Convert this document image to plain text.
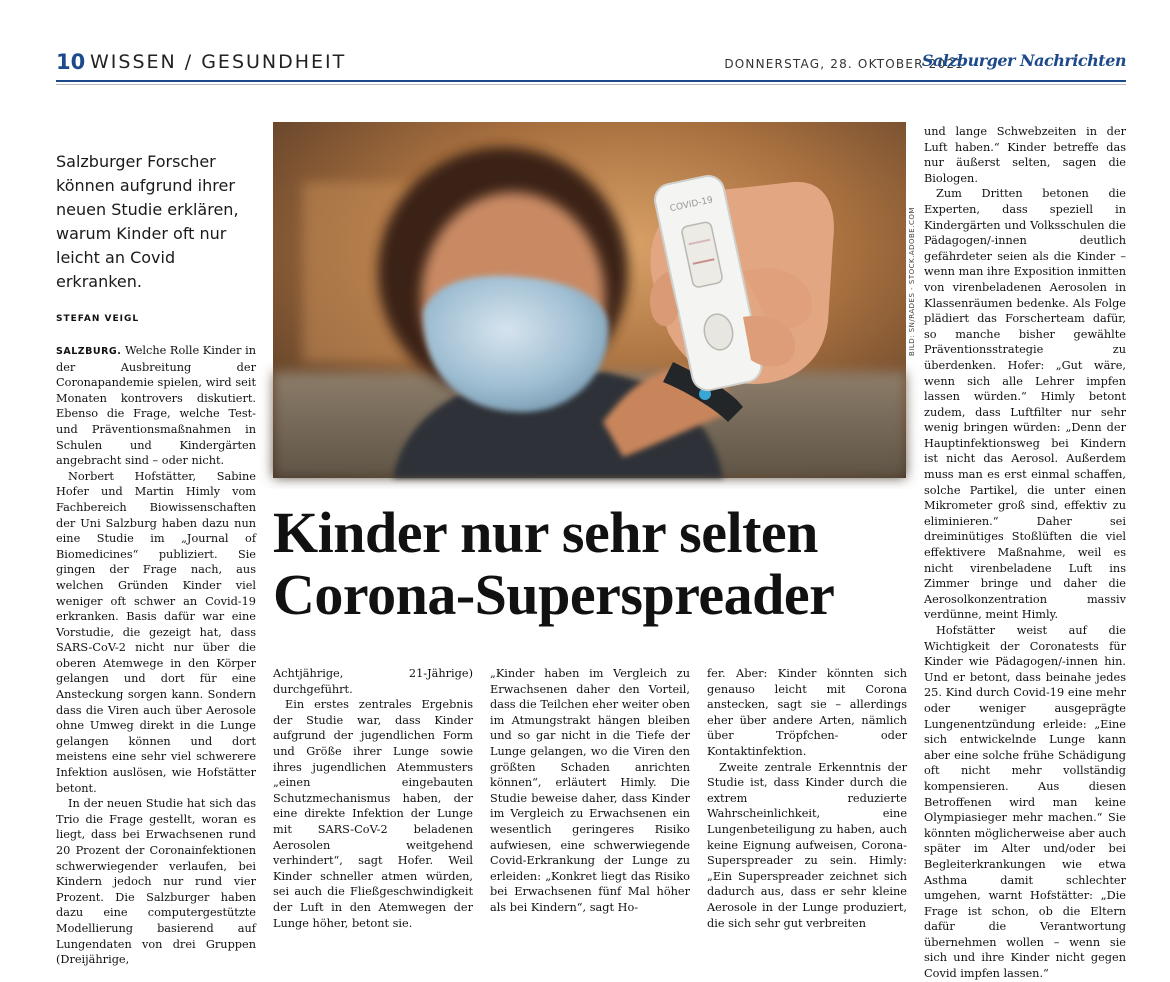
10 WISSEN / GESUNDHEIT	DONNERSTAG, 28. OKTOBER 2021
Salzburger Nachrichten
Salzburger Forscher können aufgrund ihrer neuen Studie erklären, warum Kinder oft nur leicht an Covid erkranken.
STEFAN VEIGL

SALZBURG. Welche Rolle Kinder in der Ausbreitung der Coronapandemie spielen, wird seit Monaten kontrovers diskutiert. Ebenso die Frage, welche Test- und Präventionsmaßnahmen in Schulen und Kindergärten angebracht sind – oder nicht.

Norbert Hofstätter, Sabine Hofer und Martin Himly vom Fachbereich Biowissenschaften der Uni Salzburg haben dazu nun eine Studie im „Journal of Biomedicines“ publiziert. Sie gingen der Frage nach, aus welchen Gründen Kinder viel weniger oft schwer an Covid-19 erkranken. Basis dafür war eine Vorstudie, die gezeigt hat, dass SARS-CoV-2 nicht nur über die oberen Atemwege in den Körper gelangen und dort für eine Ansteckung sorgen kann. Sondern dass die Viren auch über Aerosole ohne Umweg direkt in die Lunge gelangen können und dort meistens eine sehr viel schwerere Infektion auslösen, wie Hofstätter betont.

In der neuen Studie hat sich das Trio die Frage gestellt, woran es liegt, dass bei Erwachsenen rund 20 Prozent der Coronainfektionen schwerwiegender verlaufen, bei Kindern jedoch nur rund vier Prozent. Die Salzburger haben dazu eine computergestützte Modellierung basierend auf Lungendaten von drei Gruppen (Dreijährige,

COVID-19
BILD: SN/RADES - STOCK.ADOBE.COM
Kinder nur sehr selten
Corona-Superspreader

Achtjährige, 21-Jährige) durchgeführt.

Ein erstes zentrales Ergebnis der Studie war, dass Kinder aufgrund der jugendlichen Form und Größe ihrer Lunge sowie ihres jugendlichen Atemmusters „einen eingebauten Schutzmechanismus haben, der eine direkte Infektion der Lunge mit SARS-CoV-2 beladenen Aerosolen weitgehend verhindert“, sagt Hofer. Weil Kinder schneller atmen würden, sei auch die Fließgeschwindigkeit der Luft in den Atemwegen der Lunge höher, betont sie.

„Kinder haben im Vergleich zu Erwachsenen daher den Vorteil, dass die Teilchen eher weiter oben im Atmungstrakt hängen bleiben und so gar nicht in die Tiefe der Lunge gelangen, wo die Viren den größten Schaden anrichten können“, erläutert Himly. Die Studie beweise daher, dass Kinder im Vergleich zu Erwachsenen ein wesentlich geringeres Risiko aufwiesen, eine schwerwiegende Covid-Erkrankung der Lunge zu erleiden: „Konkret liegt das Risiko bei Erwachsenen fünf Mal höher als bei Kindern“, sagt Ho-

fer. Aber: Kinder könnten sich genauso leicht mit Corona anstecken, sagt sie – allerdings eher über andere Arten, nämlich über Tröpfchen- oder Kontaktinfektion.

Zweite zentrale Erkenntnis der Studie ist, dass Kinder durch die extrem reduzierte Wahrscheinlichkeit, eine Lungenbeteiligung zu haben, auch keine Eignung aufweisen, Corona-Superspreader zu sein. Himly: „Ein Superspreader zeichnet sich dadurch aus, dass er sehr kleine Aerosole in der Lunge produziert, die sich sehr gut verbreiten

und lange Schwebzeiten in der Luft haben.“ Kinder betreffe das nur äußerst selten, sagen die Biologen.

Zum Dritten betonen die Experten, dass speziell in Kindergärten und Volksschulen die Pädagogen/-innen deutlich gefährdeter seien als die Kinder – wenn man ihre Exposition inmitten von virenbeladenen Aerosolen in Klassenräumen bedenke. Als Folge plädiert das Forscherteam dafür, so manche bisher gewählte Präventionsstrategie zu überdenken. Hofer: „Gut wäre, wenn sich alle Lehrer impfen lassen würden.“ Himly betont zudem, dass Luftfilter nur sehr wenig bringen würden: „Denn der Hauptinfektionsweg bei Kindern ist nicht das Aerosol. Außerdem muss man es erst einmal schaffen, solche Partikel, die unter einen Mikrometer groß sind, effektiv zu eliminieren.“ Daher sei dreiminütiges Stoßlüften die viel effektivere Maßnahme, weil es nicht virenbeladene Luft ins Zimmer bringe und daher die Aerosolkonzentration massiv verdünne, meint Himly.

Hofstätter weist auf die Wichtigkeit der Coronatests für Kinder wie Pädagogen/-innen hin. Und er betont, dass beinahe jedes 25. Kind durch Covid-19 eine mehr oder weniger ausgeprägte Lungenentzündung erleide: „Eine sich entwickelnde Lunge kann aber eine solche frühe Schädigung oft nicht mehr vollständig kompensieren. Aus diesen Betroffenen wird man keine Olympiasieger mehr machen.“ Sie könnten möglicherweise aber auch später im Alter und/oder bei Begleiterkrankungen wie etwa Asthma damit schlechter umgehen, warnt Hofstätter: „Die Frage ist schon, ob die Eltern dafür die Verantwortung übernehmen wollen – wenn sie sich und ihre Kinder nicht gegen Covid impfen lassen.“
